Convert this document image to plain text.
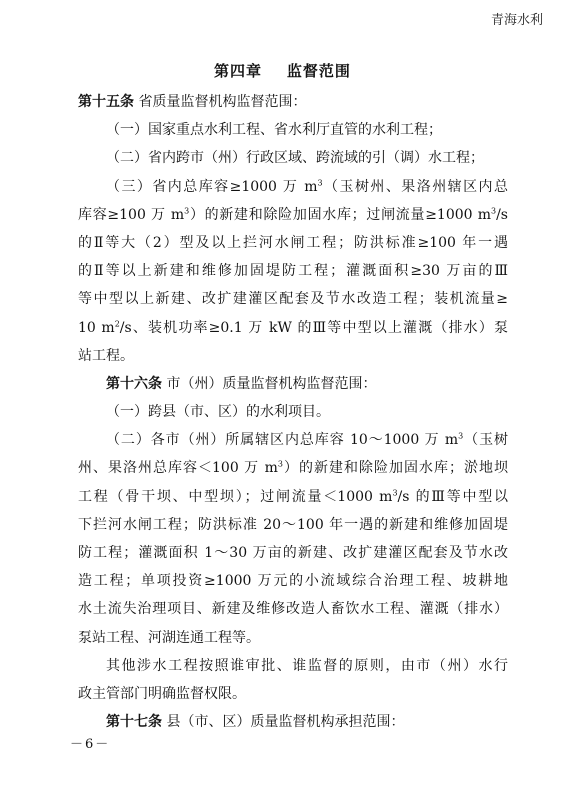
青海水利
第四章    监督范围
第十五条 省质量监督机构监督范围：
（一）国家重点水利工程、省水利厅直管的水利工程；
（二）省内跨市（州）行政区域、跨流域的引（调）水工程；
（三）省内总库容≥1000 万 $m^3$（玉树州、果洛州辖区内总
库容≥100 万 $m^3$）的新建和除险加固水库；过闸流量≥1000 $m^3/s$
的Ⅱ等大（2）型及以上拦河水闸工程；防洪标准≥100 年一遇
的Ⅱ等以上新建和维修加固堤防工程；灌溉面积≥30 万亩的Ⅲ
等中型以上新建、改扩建灌区配套及节水改造工程；装机流量≥
10 $m^2/s$、装机功率≥0.1 万 kW 的Ⅲ等中型以上灌溉（排水）泵
站工程。
第十六条 市（州）质量监督机构监督范围：
（一）跨县（市、区）的水利项目。
（二）各市（州）所属辖区内总库容 10～1000 万 $m^3$（玉树
州、果洛州总库容＜100 万 $m^3$）的新建和除险加固水库；淤地坝
工程（骨干坝、中型坝）；过闸流量＜1000 $m^3/s$ 的Ⅲ等中型以
下拦河水闸工程；防洪标准 20～100 年一遇的新建和维修加固堤
防工程；灌溉面积 1～30 万亩的新建、改扩建灌区配套及节水改
造工程；单项投资≥1000 万元的小流域综合治理工程、坡耕地
水土流失治理项目、新建及维修改造人畜饮水工程、灌溉（排水）
泵站工程、河湖连通工程等。
其他涉水工程按照谁审批、谁监督的原则，由市（州）水行
政主管部门明确监督权限。
第十七条 县（市、区）质量监督机构承担范围：
－6－
